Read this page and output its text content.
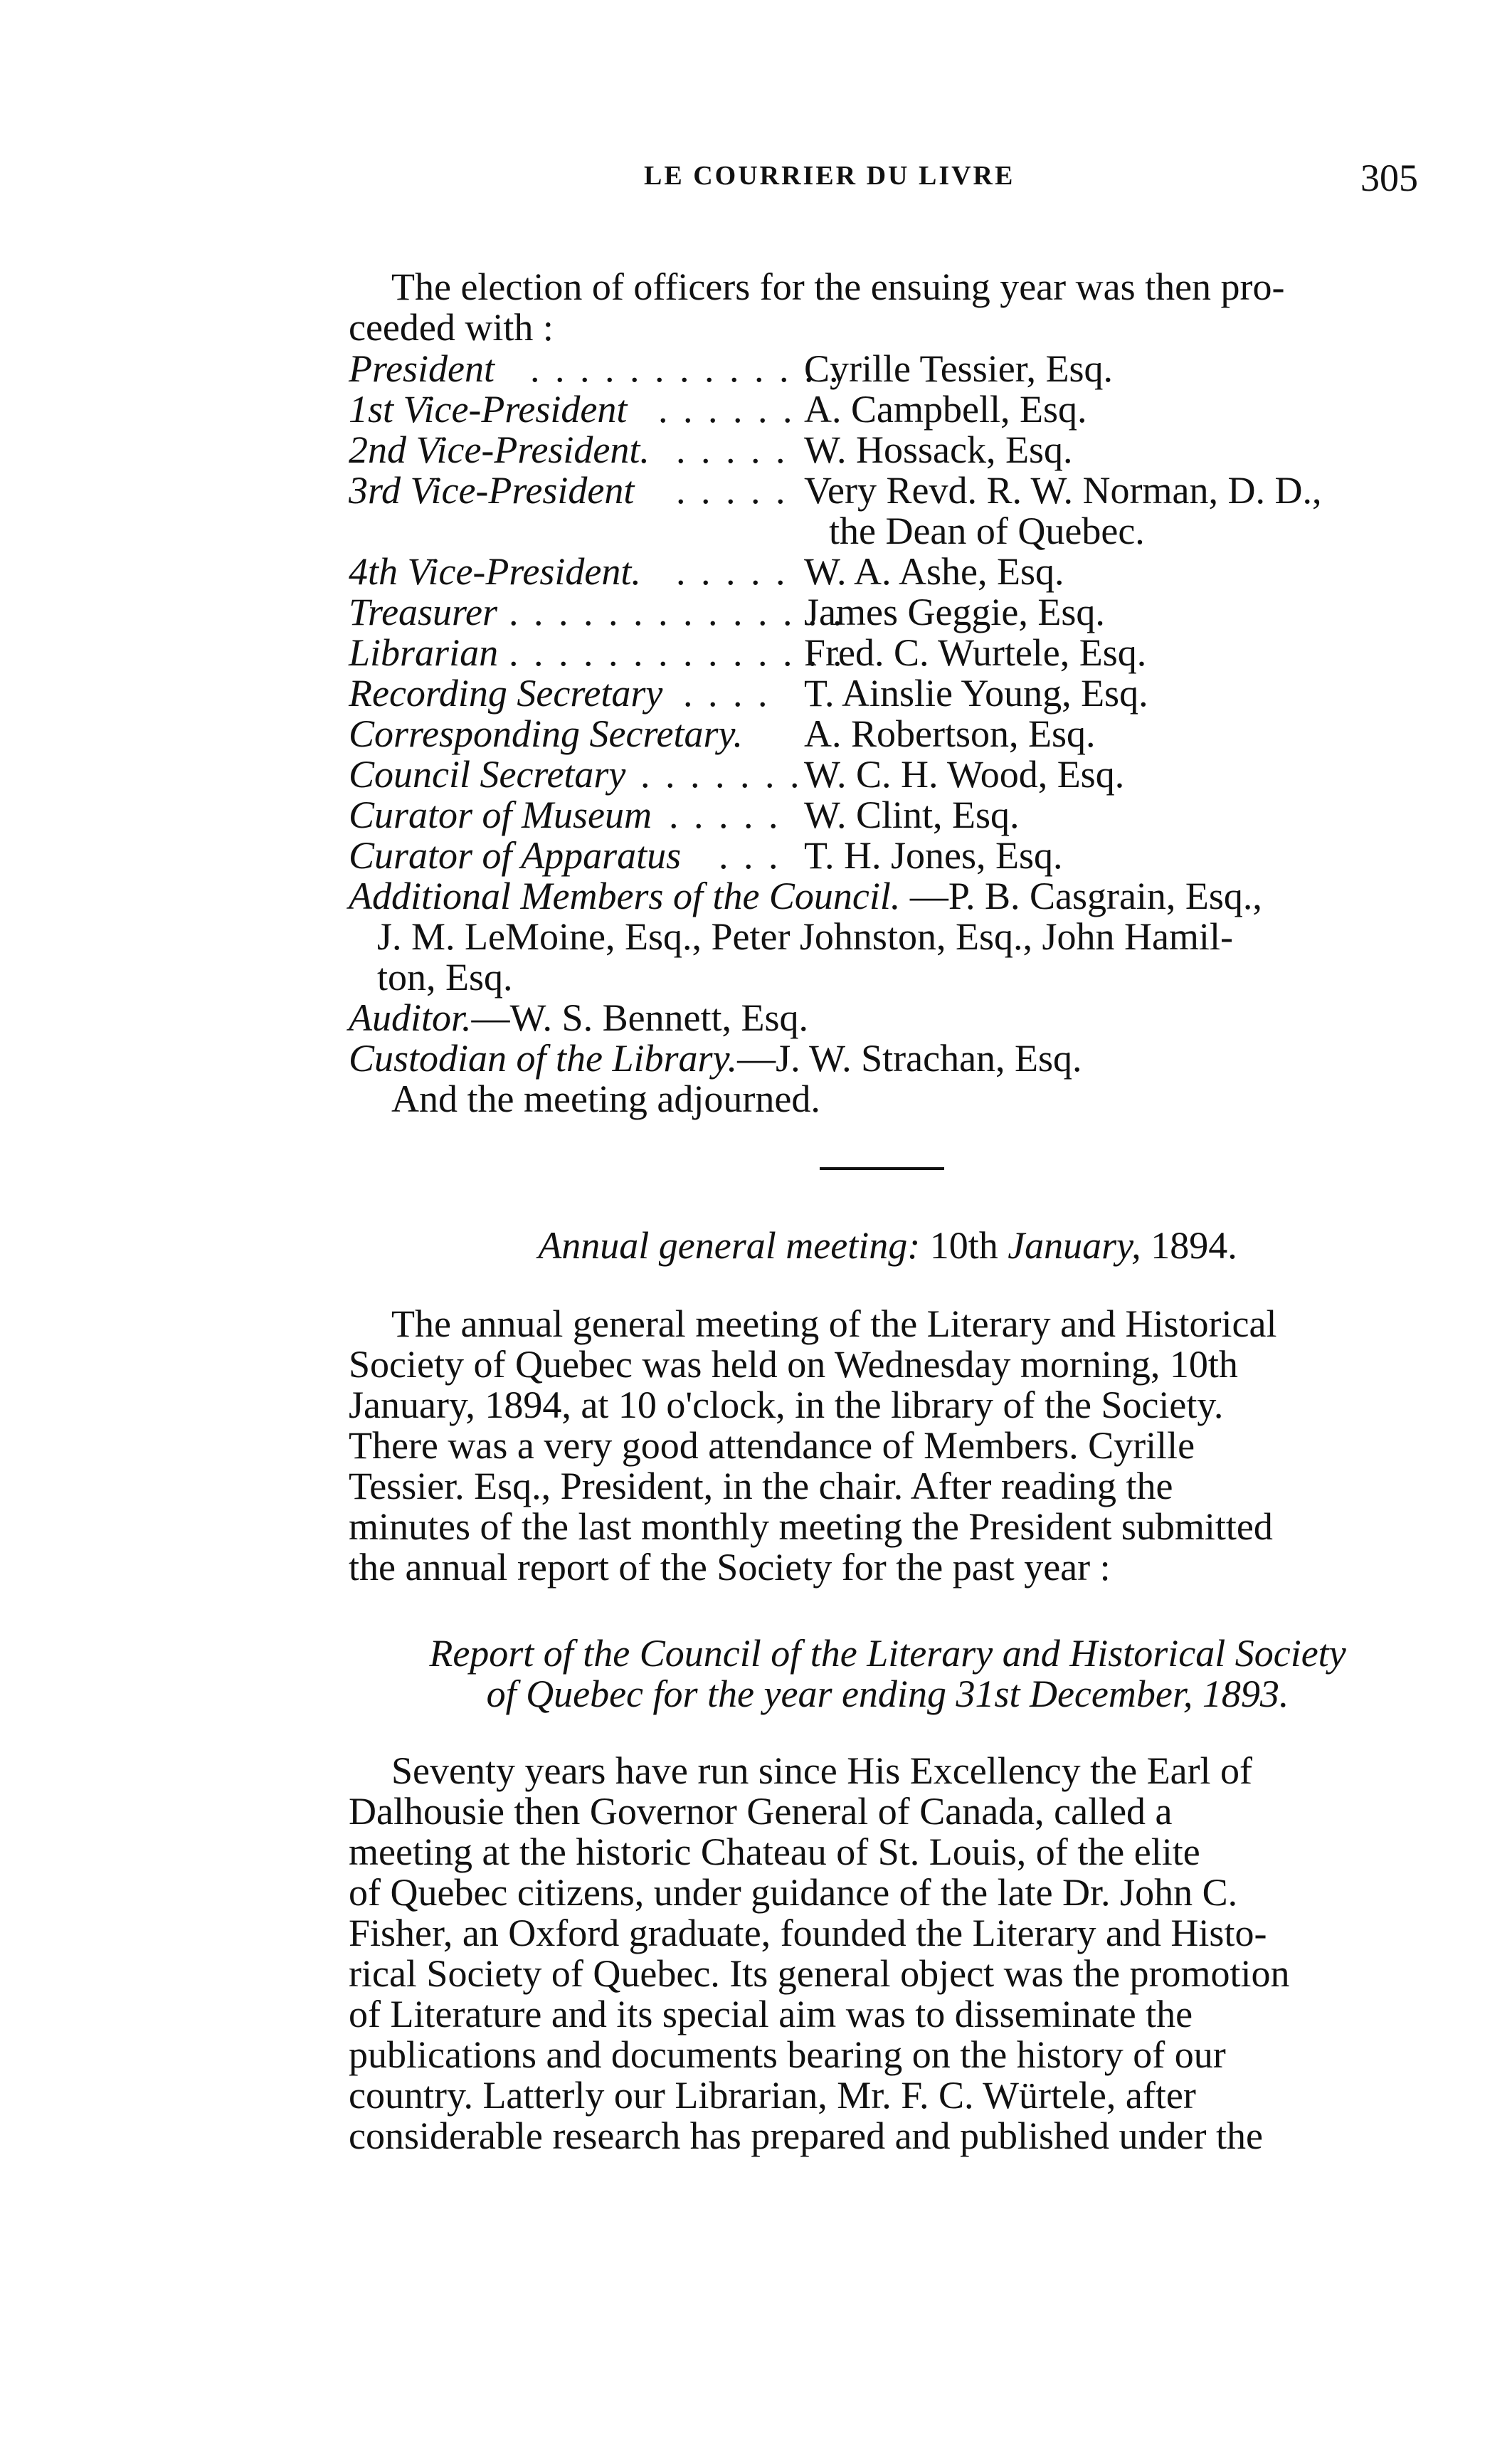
LE COURRIER DU LIVRE	305
The election of officers for the ensuing year was then pro-
ceeded with :
President . . . . . . . . . . . . .
Cyrille Tessier, Esq.
1st Vice-President . . . . . . A. Campbell, Esq.
2nd Vice-President. . . . . . W. Hossack, Esq.
3rd Vice-President . . . . . Very Revd. R. W. Norman, D. D.,
the Dean of Quebec.
4th Vice-President. . . . . . W. A. Ashe, Esq.
Treasurer . . . . . . . . . . . . . .
James Geggie, Esq.
Librarian . . . . . . . . . . . . . .
Fred. C. Wurtele, Esq.
Recording Secretary . . . . T. Ainslie Young, Esq.
Corresponding Secretary. A. Robertson, Esq.
Council Secretary . . . . . . . W. C. H. Wood, Esq.
Curator of Museum . . . . . W. Clint, Esq.
Curator of Apparatus . . . T. H. Jones, Esq.
Additional Members of the Council. —P. B. Casgrain, Esq.,
J. M. LeMoine, Esq., Peter Johnston, Esq., John Hamil-
ton, Esq.
Auditor.—W. S. Bennett, Esq.
Custodian of the Library.—J. W. Strachan, Esq.
And the meeting adjourned.
Annual general meeting: 10th January, 1894.
The annual general meeting of the Literary and Historical
Society of Quebec was held on Wednesday morning, 10th
January, 1894, at 10 o'clock, in the library of the Society.
There was a very good attendance of Members. Cyrille
Tessier. Esq., President, in the chair. After reading the
minutes of the last monthly meeting the President submitted
the annual report of the Society for the past year :
Report of the Council of the Literary and Historical Society
of Quebec for the year ending 31st December, 1893.
Seventy years have run since His Excellency the Earl of
Dalhousie then Governor General of Canada, called a
meeting at the historic Chateau of St. Louis, of the elite
of Quebec citizens, under guidance of the late Dr. John C.
Fisher, an Oxford graduate, founded the Literary and Histo-
rical Society of Quebec. Its general object was the promotion
of Literature and its special aim was to disseminate the
publications and documents bearing on the history of our
country. Latterly our Librarian, Mr. F. C. Würtele, after
considerable research has prepared and published under the
